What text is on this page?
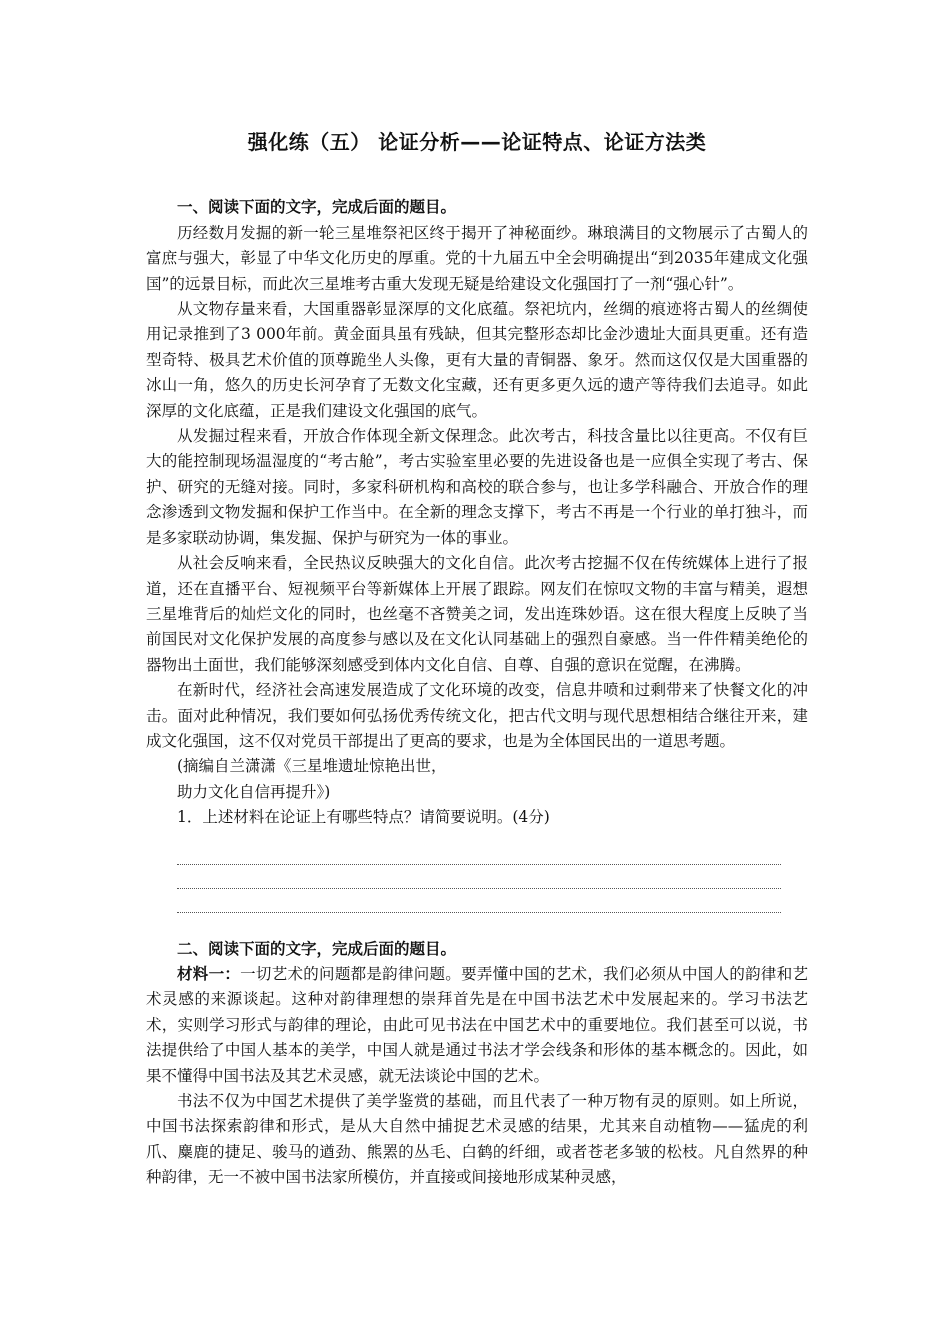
强化练（五） 论证分析——论证特点、论证方法类
一、阅读下面的文字，完成后面的题目。

历经数月发掘的新一轮三星堆祭祀区终于揭开了神秘面纱。琳琅满目的文物展示了古蜀人的富庶与强大，彰显了中华文化历史的厚重。党的十九届五中全会明确提出“到2035年建成文化强国”的远景目标，而此次三星堆考古重大发现无疑是给建设文化强国打了一剂“强心针”。

从文物存量来看，大国重器彰显深厚的文化底蕴。祭祀坑内，丝绸的痕迹将古蜀人的丝绸使用记录推到了3 000年前。黄金面具虽有残缺，但其完整形态却比金沙遗址大面具更重。还有造型奇特、极具艺术价值的顶尊跪坐人头像，更有大量的青铜器、象牙。然而这仅仅是大国重器的冰山一角，悠久的历史长河孕育了无数文化宝藏，还有更多更久远的遗产等待我们去追寻。如此深厚的文化底蕴，正是我们建设文化强国的底气。

从发掘过程来看，开放合作体现全新文保理念。此次考古，科技含量比以往更高。不仅有巨大的能控制现场温湿度的“考古舱”，考古实验室里必要的先进设备也是一应俱全实现了考古、保护、研究的无缝对接。同时，多家科研机构和高校的联合参与，也让多学科融合、开放合作的理念渗透到文物发掘和保护工作当中。在全新的理念支撑下，考古不再是一个行业的单打独斗，而是多家联动协调，集发掘、保护与研究为一体的事业。

从社会反响来看，全民热议反映强大的文化自信。此次考古挖掘不仅在传统媒体上进行了报道，还在直播平台、短视频平台等新媒体上开展了跟踪。网友们在惊叹文物的丰富与精美，遐想三星堆背后的灿烂文化的同时，也丝毫不吝赞美之词，发出连珠妙语。这在很大程度上反映了当前国民对文化保护发展的高度参与感以及在文化认同基础上的强烈自豪感。当一件件精美绝伦的器物出土面世，我们能够深刻感受到体内文化自信、自尊、自强的意识在觉醒，在沸腾。

在新时代，经济社会高速发展造成了文化环境的改变，信息井喷和过剩带来了快餐文化的冲击。面对此种情况，我们要如何弘扬优秀传统文化，把古代文明与现代思想相结合继往开来，建成文化强国，这不仅对党员干部提出了更高的要求，也是为全体国民出的一道思考题。

(摘编自兰潇潇《三星堆遗址惊艳出世，
助力文化自信再提升》)
1．上述材料在论证上有哪些特点？请简要说明。(4分)
二、阅读下面的文字，完成后面的题目。

材料一：一切艺术的问题都是韵律问题。要弄懂中国的艺术，我们必须从中国人的韵律和艺术灵感的来源谈起。这种对韵律理想的崇拜首先是在中国书法艺术中发展起来的。学习书法艺术，实则学习形式与韵律的理论，由此可见书法在中国艺术中的重要地位。我们甚至可以说，书法提供给了中国人基本的美学，中国人就是通过书法才学会线条和形体的基本概念的。因此，如果不懂得中国书法及其艺术灵感，就无法谈论中国的艺术。

书法不仅为中国艺术提供了美学鉴赏的基础，而且代表了一种万物有灵的原则。如上所说，中国书法探索韵律和形式，是从大自然中捕捉艺术灵感的结果，尤其来自动植物——猛虎的利爪、麋鹿的捷足、骏马的遒劲、熊罴的丛毛、白鹤的纤细，或者苍老多皱的松枝。凡自然界的种种韵律，无一不被中国书法家所模仿，并直接或间接地形成某种灵感，
